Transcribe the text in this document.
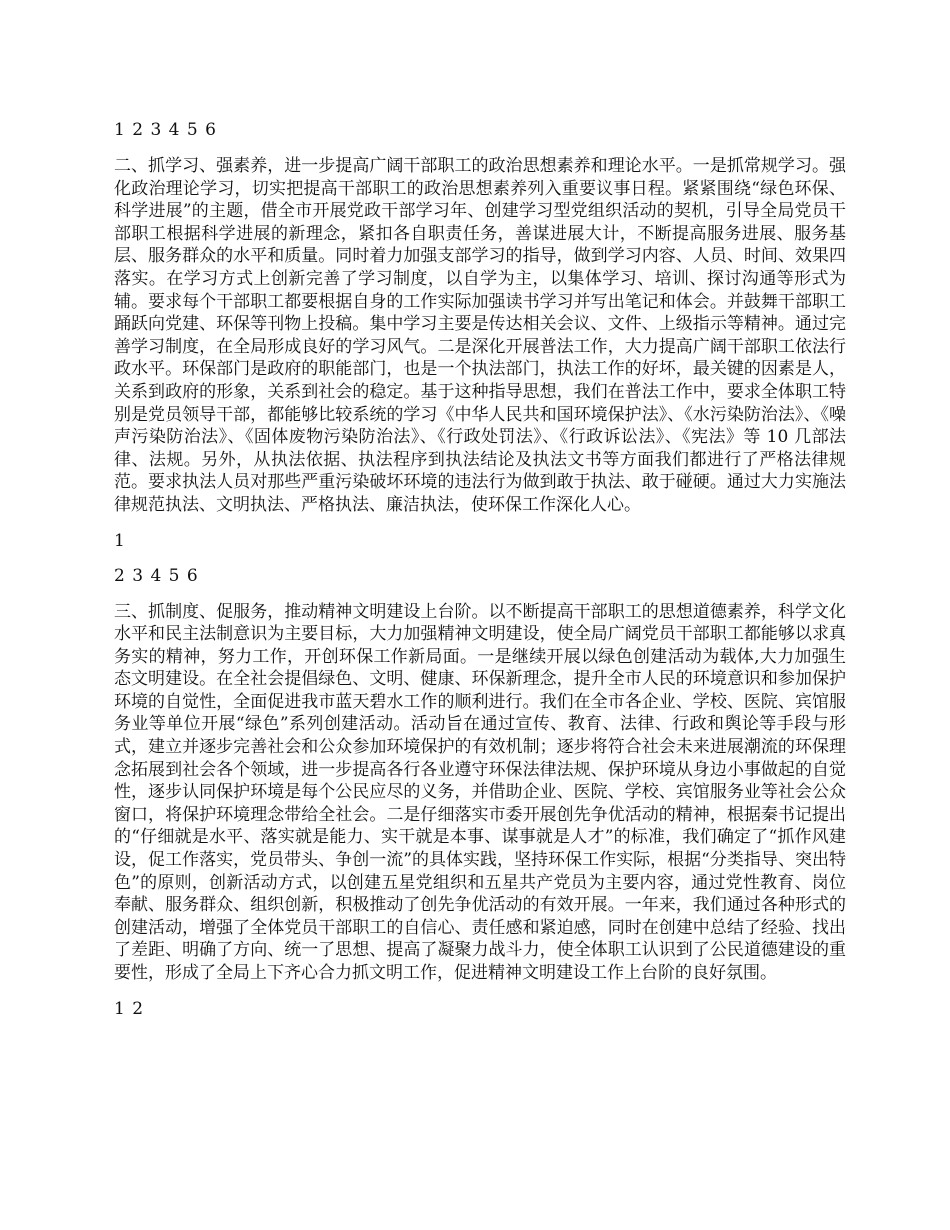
1 2 3 4 5 6

二、抓学习、强素养，进一步提高广阔干部职工的政治思想素养和理论水平。一是抓常规学习。强化政治理论学习，切实把提高干部职工的政治思想素养列入重要议事日程。紧紧围绕“绿色环保、科学进展”的主题，借全市开展党政干部学习年、创建学习型党组织活动的契机，引导全局党员干部职工根据科学进展的新理念，紧扣各自职责任务，善谋进展大计，不断提高服务进展、服务基层、服务群众的水平和质量。同时着力加强支部学习的指导，做到学习内容、人员、时间、效果四落实。在学习方式上创新完善了学习制度，以自学为主，以集体学习、培训、探讨沟通等形式为辅。要求每个干部职工都要根据自身的工作实际加强读书学习并写出笔记和体会。并鼓舞干部职工踊跃向党建、环保等刊物上投稿。集中学习主要是传达相关会议、文件、上级指示等精神。通过完善学习制度，在全局形成良好的学习风气。二是深化开展普法工作，大力提高广阔干部职工依法行政水平。环保部门是政府的职能部门，也是一个执法部门，执法工作的好坏，最关键的因素是人，关系到政府的形象，关系到社会的稳定。基于这种指导思想，我们在普法工作中，要求全体职工特别是党员领导干部，都能够比较系统的学习《中华人民共和国环境保护法》、《水污染防治法》、《噪声污染防治法》、《固体废物污染防治法》、《行政处罚法》、《行政诉讼法》、《宪法》等 10 几部法律、法规。另外，从执法依据、执法程序到执法结论及执法文书等方面我们都进行了严格法律规范。要求执法人员对那些严重污染破坏环境的违法行为做到敢于执法、敢于碰硬。通过大力实施法律规范执法、文明执法、严格执法、廉洁执法，使环保工作深化人心。

1

2 3 4 5 6

三、抓制度、促服务，推动精神文明建设上台阶。以不断提高干部职工的思想道德素养，科学文化水平和民主法制意识为主要目标，大力加强精神文明建设，使全局广阔党员干部职工都能够以求真务实的精神，努力工作，开创环保工作新局面。一是继续开展以绿色创建活动为载体,大力加强生态文明建设。在全社会提倡绿色、文明、健康、环保新理念，提升全市人民的环境意识和参加保护环境的自觉性，全面促进我市蓝天碧水工作的顺利进行。我们在全市各企业、学校、医院、宾馆服务业等单位开展“绿色”系列创建活动。活动旨在通过宣传、教育、法律、行政和舆论等手段与形式，建立并逐步完善社会和公众参加环境保护的有效机制；逐步将符合社会未来进展潮流的环保理念拓展到社会各个领域，进一步提高各行各业遵守环保法律法规、保护环境从身边小事做起的自觉性，逐步认同保护环境是每个公民应尽的义务，并借助企业、医院、学校、宾馆服务业等社会公众窗口，将保护环境理念带给全社会。二是仔细落实市委开展创先争优活动的精神，根据秦书记提出的“仔细就是水平、落实就是能力、实干就是本事、谋事就是人才”的标准，我们确定了“抓作风建设，促工作落实，党员带头、争创一流”的具体实践，坚持环保工作实际，根据“分类指导、突出特色”的原则，创新活动方式，以创建五星党组织和五星共产党员为主要内容，通过党性教育、岗位奉献、服务群众、组织创新，积极推动了创先争优活动的有效开展。一年来，我们通过各种形式的创建活动，增强了全体党员干部职工的自信心、责任感和紧迫感，同时在创建中总结了经验、找出了差距、明确了方向、统一了思想、提高了凝聚力战斗力，使全体职工认识到了公民道德建设的重要性，形成了全局上下齐心合力抓文明工作，促进精神文明建设工作上台阶的良好氛围。

1 2
